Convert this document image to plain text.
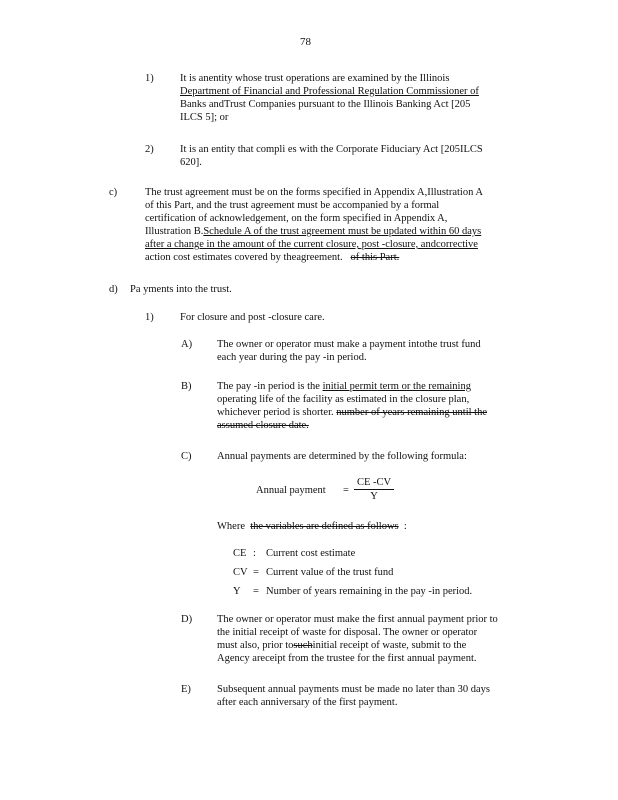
78
1)	It is anentity whose trust operations are examined by the Illinois

Department of Financial and Professional Regulation Commissioner of

Banks andTrust Companies pursuant to the Illinois Banking Act [205

ILCS 5]; or

2)	It is an entity that compli es with the Corporate Fiduciary Act [205ILCS

620].

c)	The trust agreement must be on the forms specified in Appendix A,Illustration A

of this Part, and the trust agreement must be accompanied by a formal

certification of acknowledgement, on the form specified in Appendix A,

Illustration B.Schedule A of the trust agreement must be updated within 60 days

after a change in the amount of the current closure, post -closure, andcorrective

action cost estimates covered by theagreement. of this Part.

d) Pa yments into the trust.
1)	For closure and post -closure care.
A) The owner or operator must make a payment intothe trust fund

each year during the pay -in period.

B) The pay -in period is the initial permit term or the remaining

operating life of the facility as estimated in the closure plan,

whichever period is shorter. number of years remaining until the

assumed closure date.

C) Annual payments are determined by the following formula:
Annual payment =
CE -CV
Y
Where the variables are defined as follows :
CE : Current cost estimate
CV = Current value of the trust fund
Y = Number of years remaining in the pay -in period.
D) The owner or operator must make the first annual payment prior to

the initial receipt of waste for disposal. The owner or operator

must also, prior tosuchinitial receipt of waste, submit to the

Agency areceipt from the trustee for the first annual payment.

E) Subsequent annual payments must be made no later than 30 days

after each anniversary of the first payment.
